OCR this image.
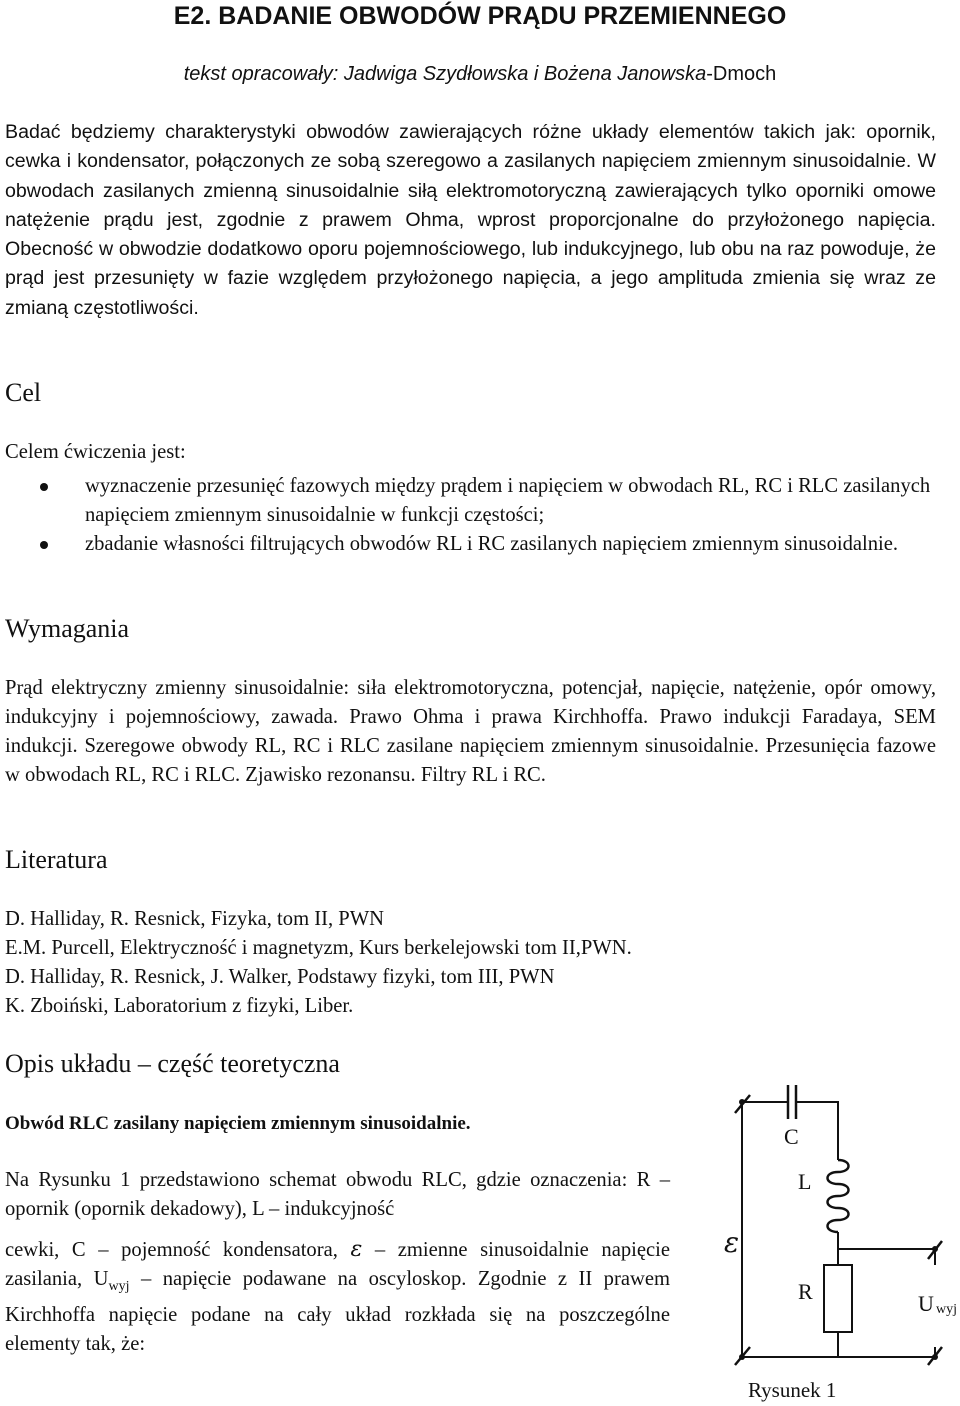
E2. BADANIE OBWODÓW PRĄDU PRZEMIENNEGO
tekst opracowały: Jadwiga Szydłowska i Bożena Janowska-Dmoch
Badać będziemy charakterystyki obwodów zawierających różne układy elementów takich jak: opornik, cewka i kondensator, połączonych ze sobą szeregowo a zasilanych napięciem zmiennym sinusoidalnie. W obwodach zasilanych zmienną sinusoidalnie siłą elektromotoryczną zawierających tylko oporniki omowe natężenie prądu jest, zgodnie z prawem Ohma, wprost proporcjonalne do przyłożonego napięcia. Obecność w obwodzie dodatkowo oporu pojemnościowego, lub indukcyjnego, lub obu na raz powoduje, że prąd jest przesunięty w fazie względem przyłożonego napięcia, a jego amplituda zmienia się wraz ze zmianą częstotliwości.
Cel
Celem ćwiczenia jest:
wyznaczenie przesunięć fazowych między prądem i napięciem w obwodach RL, RC i RLC zasilanych napięciem zmiennym sinusoidalnie w funkcji częstości;
zbadanie własności filtrujących obwodów RL i RC zasilanych napięciem zmiennym sinusoidalnie.
Wymagania
Prąd elektryczny zmienny sinusoidalnie: siła elektromotoryczna, potencjał, napięcie, natężenie, opór omowy, indukcyjny i pojemnościowy, zawada. Prawo Ohma i prawa Kirchhoffa. Prawo indukcji Faradaya, SEM indukcji. Szeregowe obwody RL, RC i RLC zasilane napięciem zmiennym sinusoidalnie. Przesunięcia fazowe w obwodach RL, RC i RLC. Zjawisko rezonansu. Filtry RL i RC.
Literatura

D. Halliday, R. Resnick, Fizyka, tom II, PWN

E.M. Purcell, Elektryczność i magnetyzm, Kurs berkelejowski tom II,PWN.

D. Halliday, R. Resnick, J. Walker, Podstawy fizyki, tom III, PWN

K. Zboiński, Laboratorium z fizyki, Liber.

Opis układu – część teoretyczna
Obwód RLC zasilany napięciem zmiennym sinusoidalnie.
Na Rysunku 1 przedstawiono schemat obwodu RLC, gdzie oznaczenia: R –opornik (opornik dekadowy), L – indukcyjność
cewki, C – pojemność kondensatora, ε – zmienne sinusoidalnie napięcie zasilania, $U_{wyj}$ – napięcie podawane na oscyloskop. Zgodnie z II prawem Kirchhoffa napięcie podane na cały układ rozkłada się na poszczególne elementy tak, że:
C
L
R
ε
U wyj
Rysunek 1
